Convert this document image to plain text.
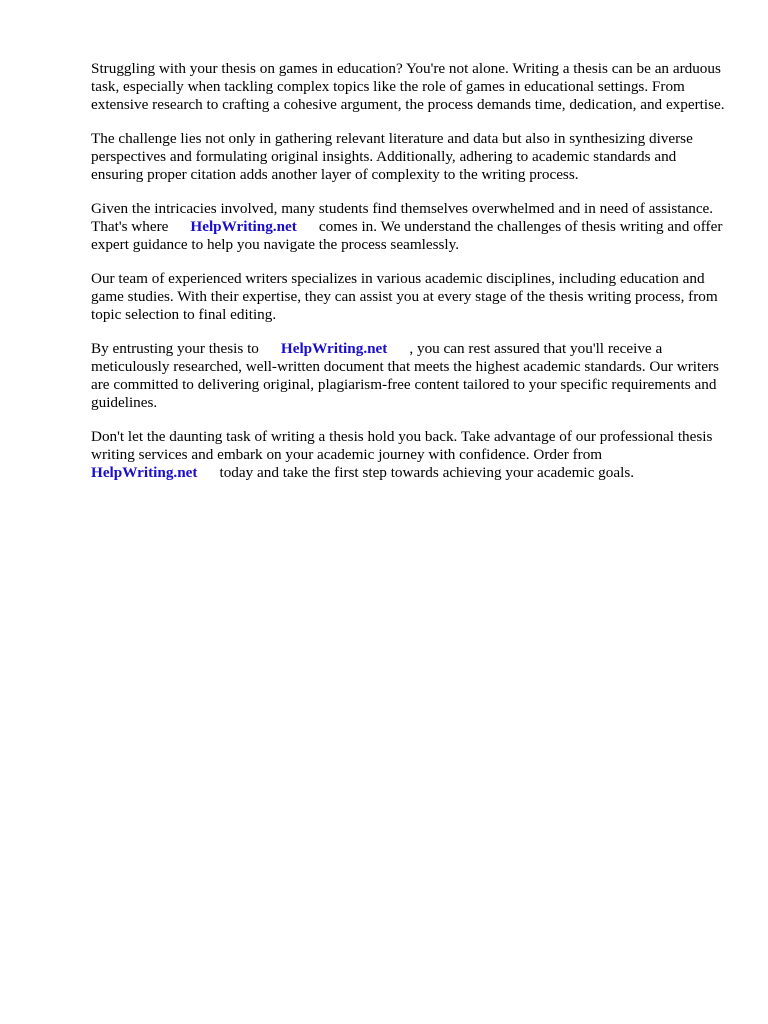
Struggling with your thesis on games in education? You're not alone. Writing a thesis can be an arduous task, especially when tackling complex topics like the role of games in educational settings. From extensive research to crafting a cohesive argument, the process demands time, dedication, and expertise.

The challenge lies not only in gathering relevant literature and data but also in synthesizing diverse perspectives and formulating original insights. Additionally, adhering to academic standards and ensuring proper citation adds another layer of complexity to the writing process.

Given the intricacies involved, many students find themselves overwhelmed and in need of assistance. That's where HelpWriting.net comes in. We understand the challenges of thesis writing and offer expert guidance to help you navigate the process seamlessly.

Our team of experienced writers specializes in various academic disciplines, including education and game studies. With their expertise, they can assist you at every stage of the thesis writing process, from topic selection to final editing.

By entrusting your thesis to HelpWriting.net , you can rest assured that you'll receive a meticulously researched, well-written document that meets the highest academic standards. Our writers are committed to delivering original, plagiarism-free content tailored to your specific requirements and guidelines.

Don't let the daunting task of writing a thesis hold you back. Take advantage of our professional thesis writing services and embark on your academic journey with confidence. Order from HelpWriting.net today and take the first step towards achieving your academic goals.
